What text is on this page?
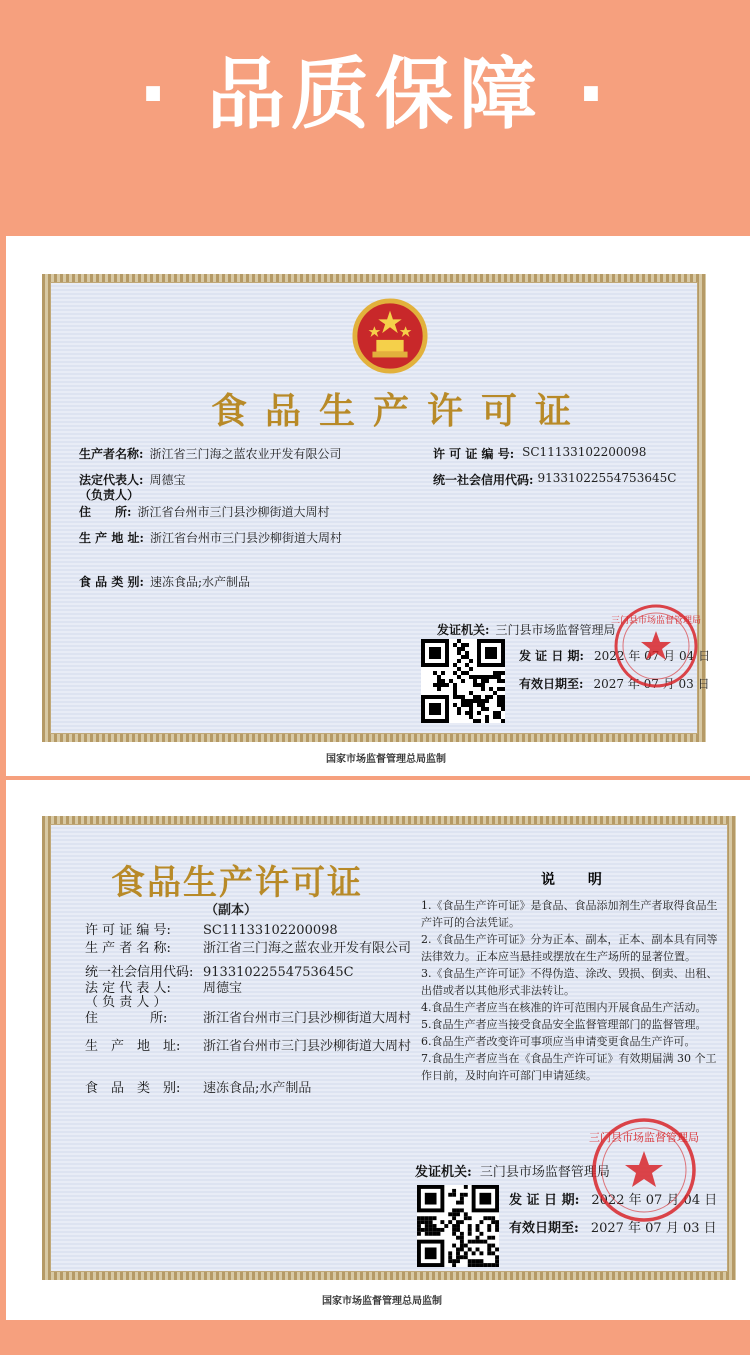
· 品质保障 ·
食品生产许可证
生产者名称: 浙江省三门海之蓝农业开发有限公司	许 可 证 编 号: SC11133102200098
法定代表人: 周德宝
（负责人）
统一社会信用代码: 91331022554753645C
住　　所: 浙江省台州市三门县沙柳街道大周村
生 产 地 址: 浙江省台州市三门县沙柳街道大周村
食 品 类 别: 速冻食品;水产制品
发证机关: 三门县市场监督管理局
发 证 日 期: 2022 年 07 月 04 日
有效日期至: 2027 年 07 月 03 日
三门县市场监督管理局
国家市场监督管理总局监制
食品生产许可证
（副本）
许 可 证 编 号: SC11133102200098
生 产 者 名 称: 浙江省三门海之蓝农业开发有限公司
统一社会信用代码: 91331022554753645C
法 定 代 表 人: 周德宝
（ 负 责 人 ）
住　　　　所:	浙江省台州市三门县沙柳街道大周村
生　产　地　址: 浙江省台州市三门县沙柳街道大周村
食　品　类　别: 速冻食品;水产制品
说 明
1.《食品生产许可证》是食品、食品添加剂生产者取得食品生产许可的合法凭证。
2.《食品生产许可证》分为正本、副本，正本、副本具有同等法律效力。正本应当悬挂或摆放在生产场所的显著位置。
3.《食品生产许可证》不得伪造、涂改、毁损、倒卖、出租、出借或者以其他形式非法转让。
4.食品生产者应当在核准的许可范围内开展食品生产活动。
5.食品生产者应当接受食品安全监督管理部门的监督管理。
6.食品生产者改变许可事项应当申请变更食品生产许可。
7.食品生产者应当在《食品生产许可证》有效期届满 30 个工作日前，及时向许可部门申请延续。
发证机关: 三门县市场监督管理局
发 证 日 期: 2022 年 07 月 04 日
有效日期至: 2027 年 07 月 03 日
三门县市场监督管理局
国家市场监督管理总局监制
